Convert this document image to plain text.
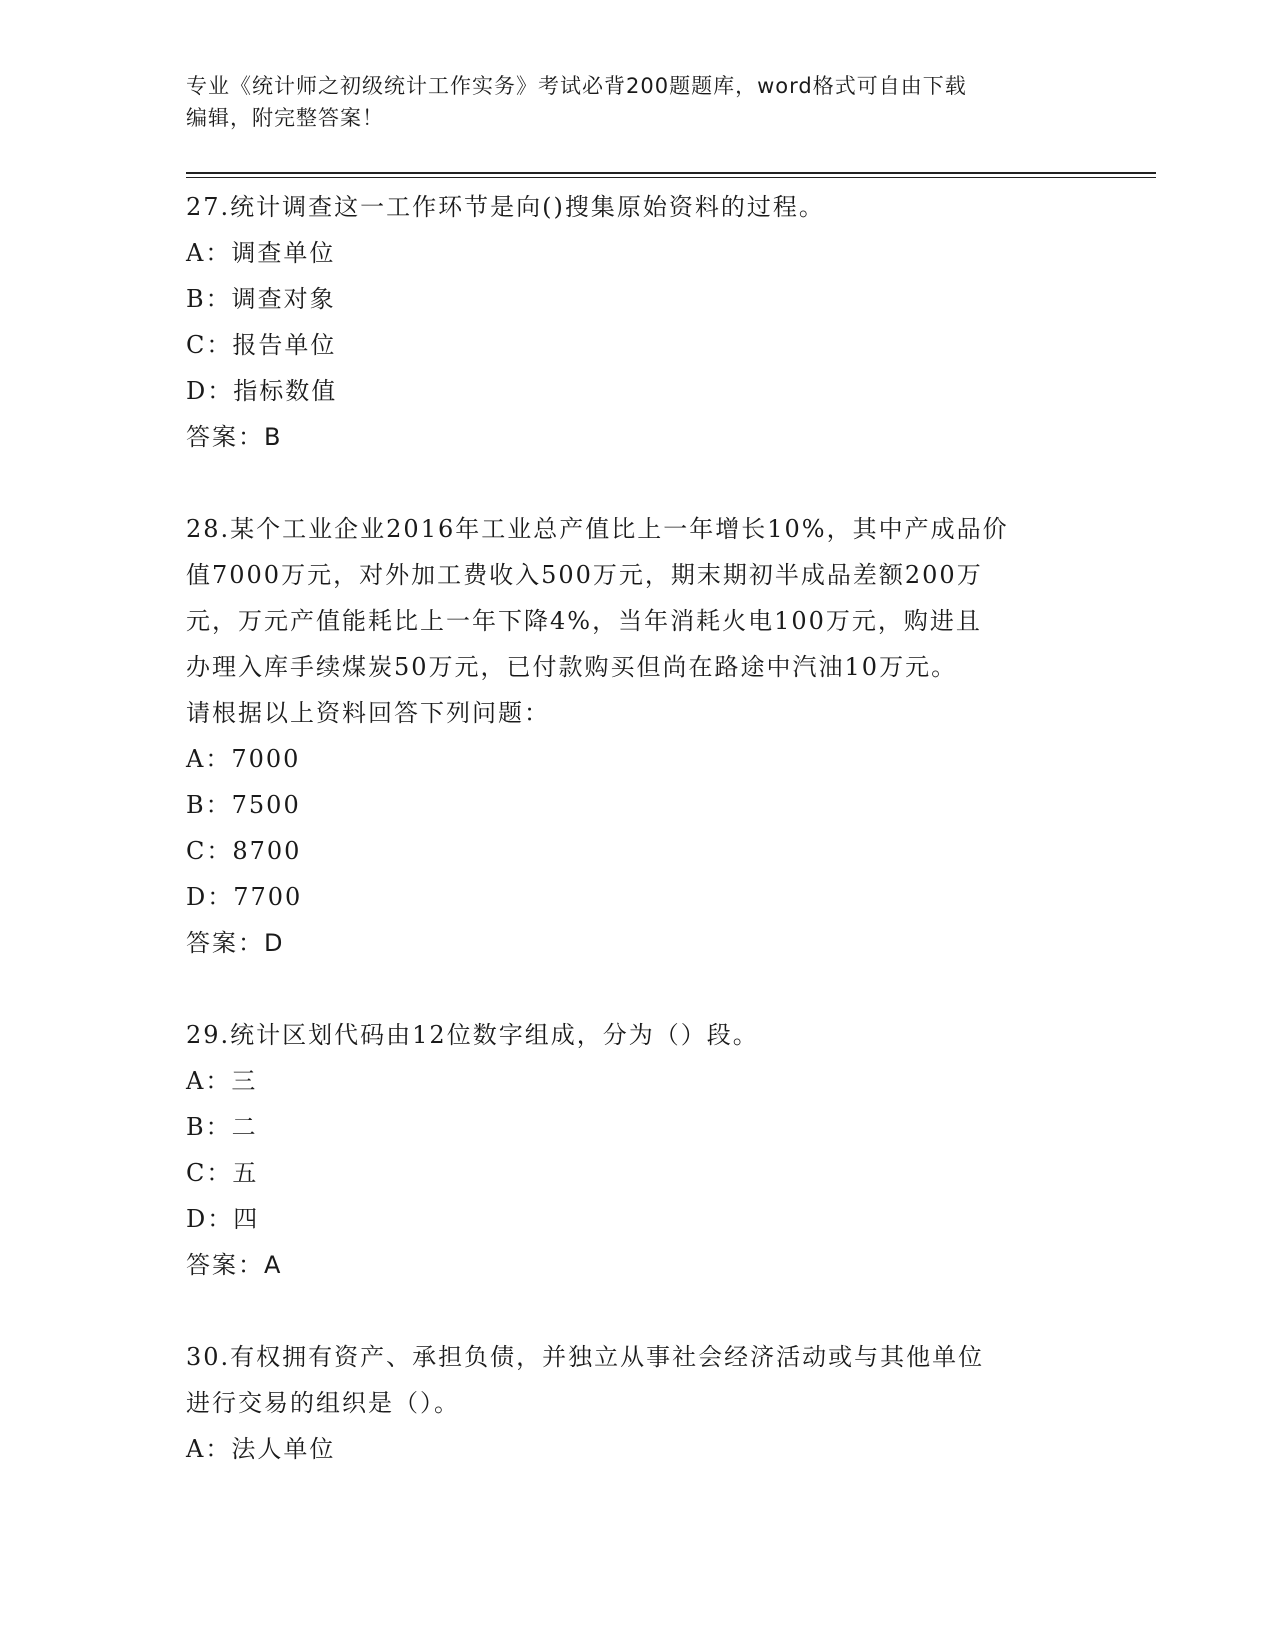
专业《统计师之初级统计工作实务》考试必背200题题库，word格式可自由下载
编辑，附完整答案！

27.统计调查这一工作环节是向()搜集原始资料的过程。

A：调查单位

B：调查对象

C：报告单位

D：指标数值

答案：B

28.某个工业企业2016年工业总产值比上一年增长10%，其中产成品价

值7000万元，对外加工费收入500万元，期末期初半成品差额200万

元，万元产值能耗比上一年下降4%，当年消耗火电100万元，购进且

办理入库手续煤炭50万元，已付款购买但尚在路途中汽油10万元。

请根据以上资料回答下列问题：

A：7000

B：7500

C：8700

D：7700

答案：D

29.统计区划代码由12位数字组成，分为（）段。

A：三

B：二

C：五

D：四

答案：A

30.有权拥有资产、承担负债，并独立从事社会经济活动或与其他单位

进行交易的组织是（）。

A：法人单位
